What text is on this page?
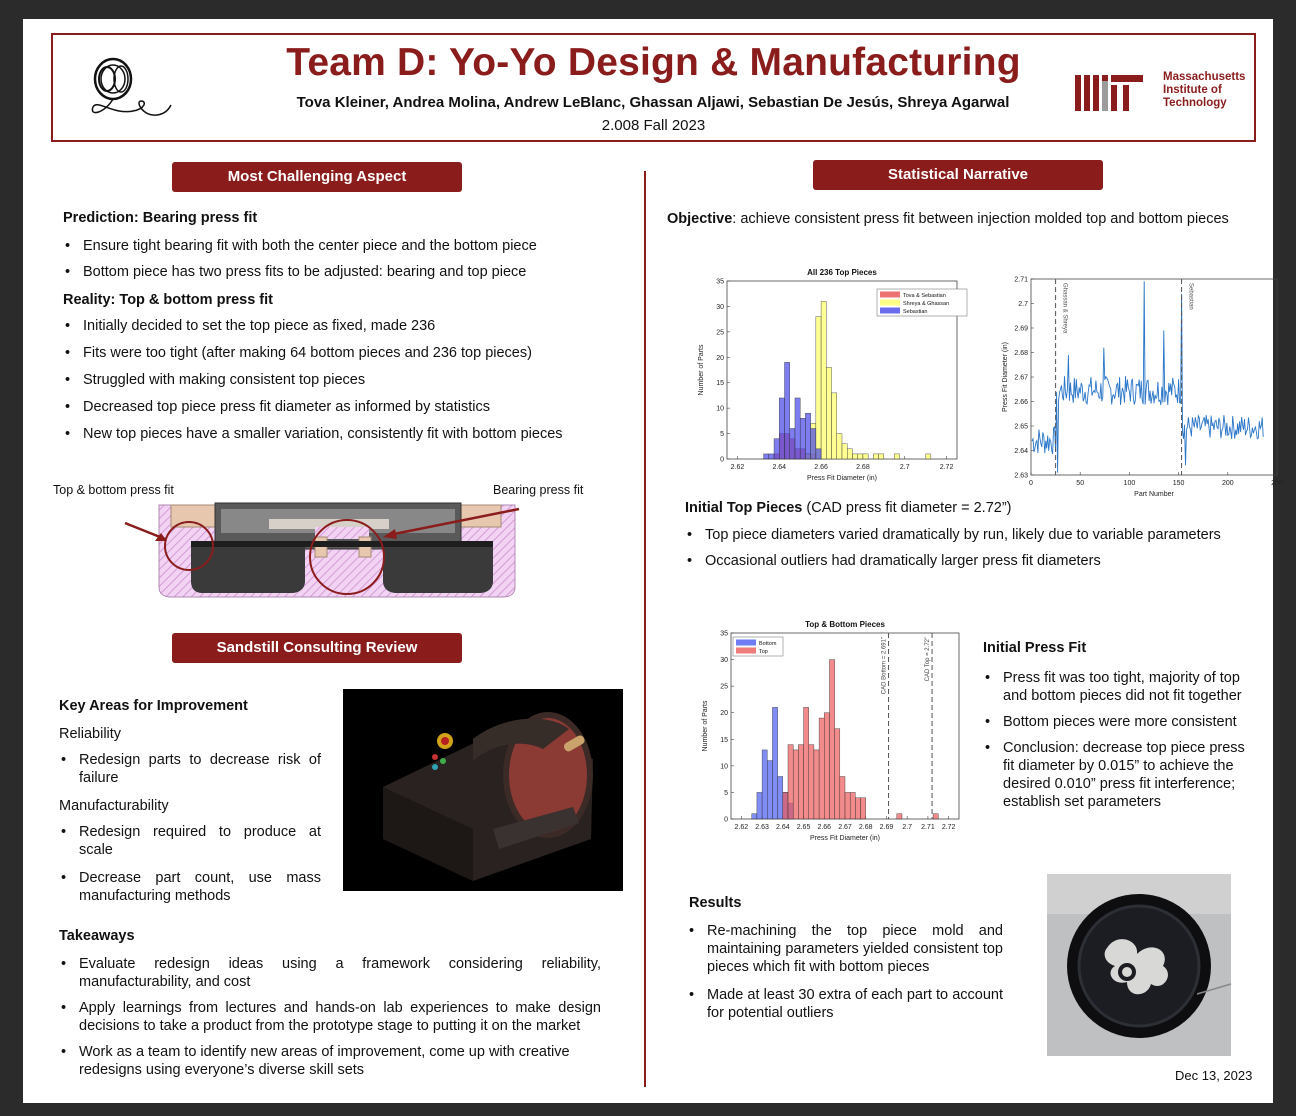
Team D: Yo-Yo Design & Manufacturing
Tova Kleiner, Andrea Molina, Andrew LeBlanc, Ghassan Aljawi, Sebastian De Jesús, Shreya Agarwal
2.008 Fall 2023
Massachusetts
Institute of
Technology
Most Challenging Aspect
Prediction: Bearing press fit
• Ensure tight bearing fit with both the center piece and the bottom piece
• Bottom piece has two press fits to be adjusted: bearing and top piece
Reality: Top & bottom press fit
• Initially decided to set the top piece as fixed, made 236
• Fits were too tight (after making 64 bottom pieces and 236 top pieces)
• Struggled with making consistent top pieces
• Decreased top piece press fit diameter as informed by statistics
• New top pieces have a smaller variation, consistently fit with bottom pieces
Top & bottom press fit	Bearing press fit
Sandstill Consulting Review
Key Areas for Improvement
Reliability
• Redesign parts to decrease risk of failure
Manufacturability
• Redesign required to produce at scale
• Decrease part count, use mass manufacturing methods
Takeaways
• Evaluate redesign ideas using a framework considering reliability, manufacturability, and cost
• Apply learnings from lectures and hands-on lab experiences to make design decisions to take a product from the prototype stage to putting it on the market
• Work as a team to identify new areas of improvement, come up with creative redesigns using everyone’s diverse skill sets
Statistical Narrative
Objective: achieve consistent press fit between injection molded top and bottom pieces
2.62	2.64	2.66	2.68	2.7	2.72
0
5
10
15
20
25
30
35
All 236 Top Pieces
Press Fit Diameter (in)
Number of Parts
Tova & Sebastian
Shreya & Ghassan
Sebastian
0	50	100	150	200	250
2.63
2.64
2.65
2.66
2.67
2.68
2.69
2.7
2.71
Part Number
Press Fit Diameter (in)
Ghassan & Shreya	Sebastian
Initial Top Pieces (CAD press fit diameter = 2.72”)
• Top piece diameters varied dramatically by run, likely due to variable parameters
• Occasional outliers had dramatically larger press fit diameters
2.62 2.63 2.64 2.65 2.66 2.67 2.68 2.69 2.7 2.71 2.72
0
5
10
15
20
25
30
35
Top & Bottom Pieces
Press Fit Diameter (in)
Number of Parts
CAD Bottom = 2.691”	CAD Top = 2.72”
Bottom
Top	Initial Press Fit
• Press fit was too tight, majority of top and bottom pieces did not fit together
• Bottom pieces were more consistent
• Conclusion: decrease top piece press fit diameter by 0.015” to achieve the desired 0.010” press fit interference; establish set parameters
Results
• Re-machining the top piece mold and maintaining parameters yielded consistent top pieces which fit with bottom pieces
• Made at least 30 extra of each part to account for potential outliers
Dec 13, 2023
